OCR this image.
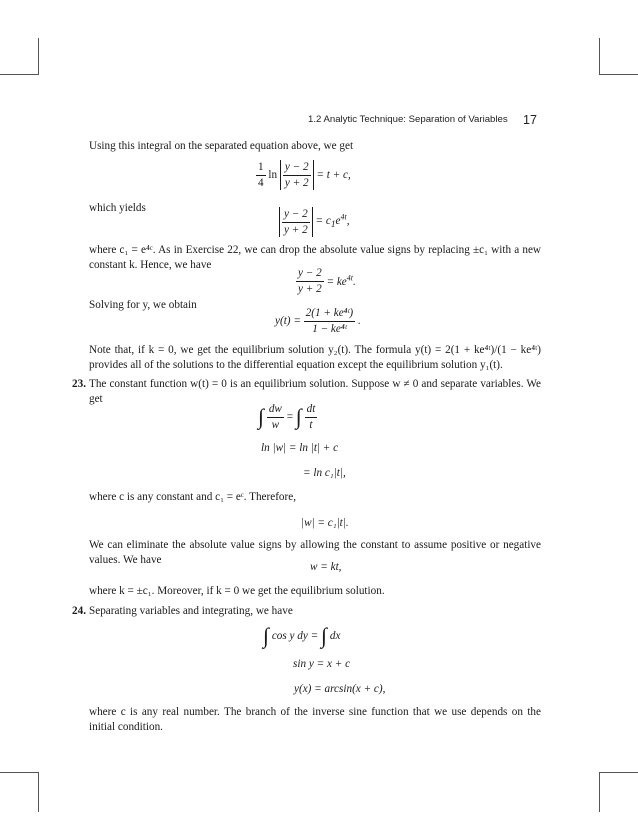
1.2 Analytic Technique: Separation of Variables 17
Using this integral on the separated equation above, we get
$\frac{1}{4}$ $\ln \frac{y - 2}{y + 2} = t + c$,
which yields	$\frac{y - 2}{y + 2} = c_1e^{4t}$,
where c₁ = e⁴ᶜ. As in Exercise 22, we can drop the absolute value signs by replacing ±c₁ with a new constant k. Hence, we have
$\frac{y - 2}{y + 2} = ke^{4t}$.
Solving for y, we obtain
$y(t) = \frac{\text{2(1 + ke⁴ᵗ)}}{\text{1 − ke⁴ᵗ}}$ .
Note that, if k = 0, we get the equilibrium solution y₂(t). The formula y(t) = 2(1 + ke⁴ᵗ)/(1 − ke⁴ᵗ) provides all of the solutions to the differential equation except the equilibrium solution y₁(t).
23. The constant function w(t) = 0 is an equilibrium solution. Suppose w ≠ 0 and separate variables. We get
∫ $\frac{dw}{w}$ = ∫ $\frac{dt}{t}$
ln |w| = ln |t| + c
= ln c₁|t|,
where c is any constant and c₁ = eᶜ. Therefore,
|w| = c₁|t|.
We can eliminate the absolute value signs by allowing the constant to assume positive or negative values. We have
w = kt,
where k = ±c₁. Moreover, if k = 0 we get the equilibrium solution.
24. Separating variables and integrating, we have
∫ cos y dy = ∫ dx
sin y = x + c
y(x) = arcsin(x + c),
where c is any real number. The branch of the inverse sine function that we use depends on the initial condition.
